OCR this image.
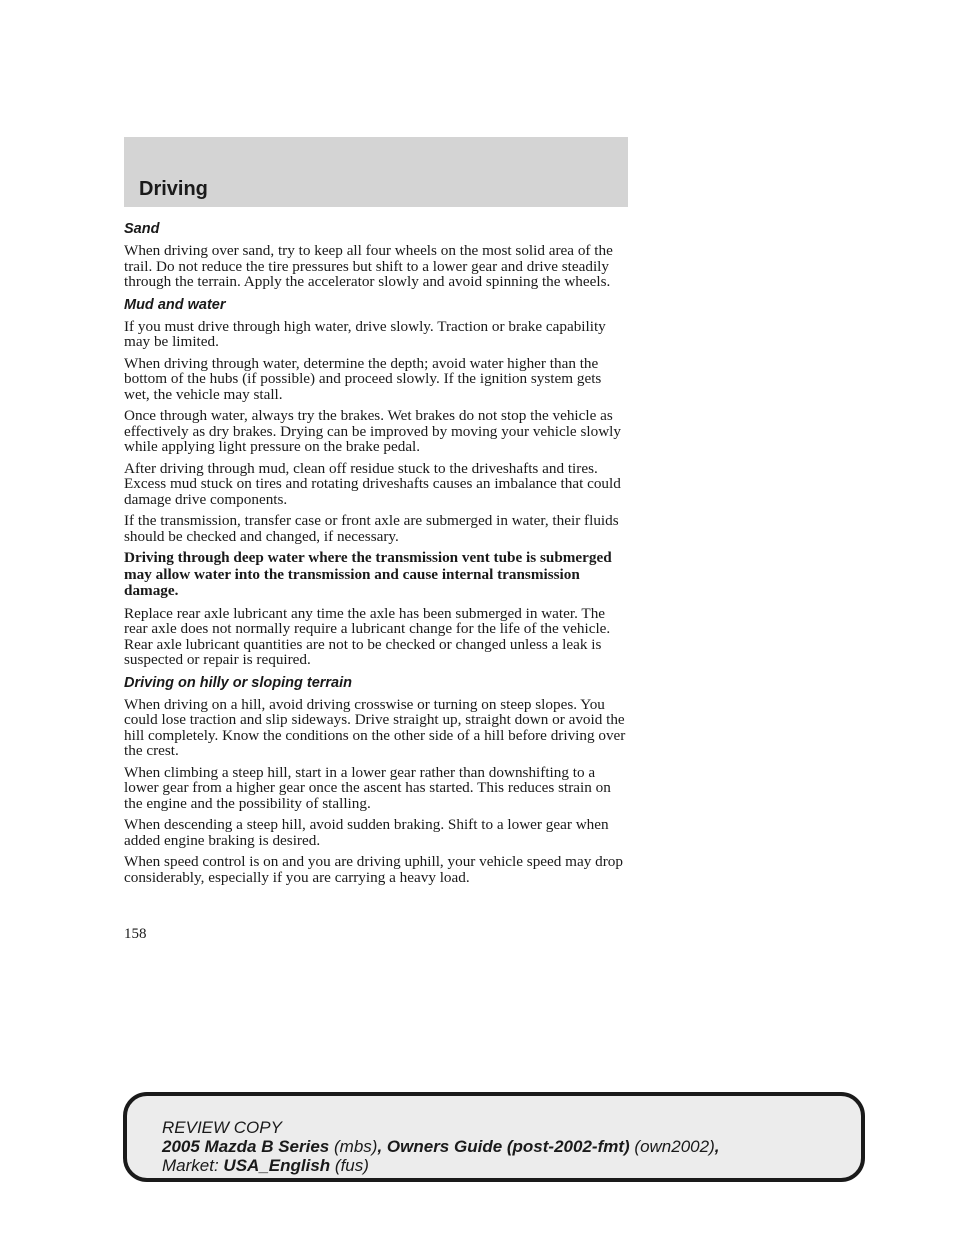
Driving
Sand

When driving over sand, try to keep all four wheels on the most solid area of the trail. Do not reduce the tire pressures but shift to a lower gear and drive steadily through the terrain. Apply the accelerator slowly and avoid spinning the wheels.

Mud and water

If you must drive through high water, drive slowly. Traction or brake capability may be limited.

When driving through water, determine the depth; avoid water higher than the bottom of the hubs (if possible) and proceed slowly. If the ignition system gets wet, the vehicle may stall.

Once through water, always try the brakes. Wet brakes do not stop the vehicle as effectively as dry brakes. Drying can be improved by moving your vehicle slowly while applying light pressure on the brake pedal.

After driving through mud, clean off residue stuck to the driveshafts and tires. Excess mud stuck on tires and rotating driveshafts causes an imbalance that could damage drive components.

If the transmission, transfer case or front axle are submerged in water, their fluids should be checked and changed, if necessary.

Driving through deep water where the transmission vent tube is submerged may allow water into the transmission and cause internal transmission damage.

Replace rear axle lubricant any time the axle has been submerged in water. The rear axle does not normally require a lubricant change for the life of the vehicle. Rear axle lubricant quantities are not to be checked or changed unless a leak is suspected or repair is required.

Driving on hilly or sloping terrain

When driving on a hill, avoid driving crosswise or turning on steep slopes. You could lose traction and slip sideways. Drive straight up, straight down or avoid the hill completely. Know the conditions on the other side of a hill before driving over the crest.

When climbing a steep hill, start in a lower gear rather than downshifting to a lower gear from a higher gear once the ascent has started. This reduces strain on the engine and the possibility of stalling.

When descending a steep hill, avoid sudden braking. Shift to a lower gear when added engine braking is desired.

When speed control is on and you are driving uphill, your vehicle speed may drop considerably, especially if you are carrying a heavy load.

158
REVIEW COPY
2005 Mazda B Series (mbs), Owners Guide (post-2002-fmt) (own2002),
Market: USA_English (fus)
